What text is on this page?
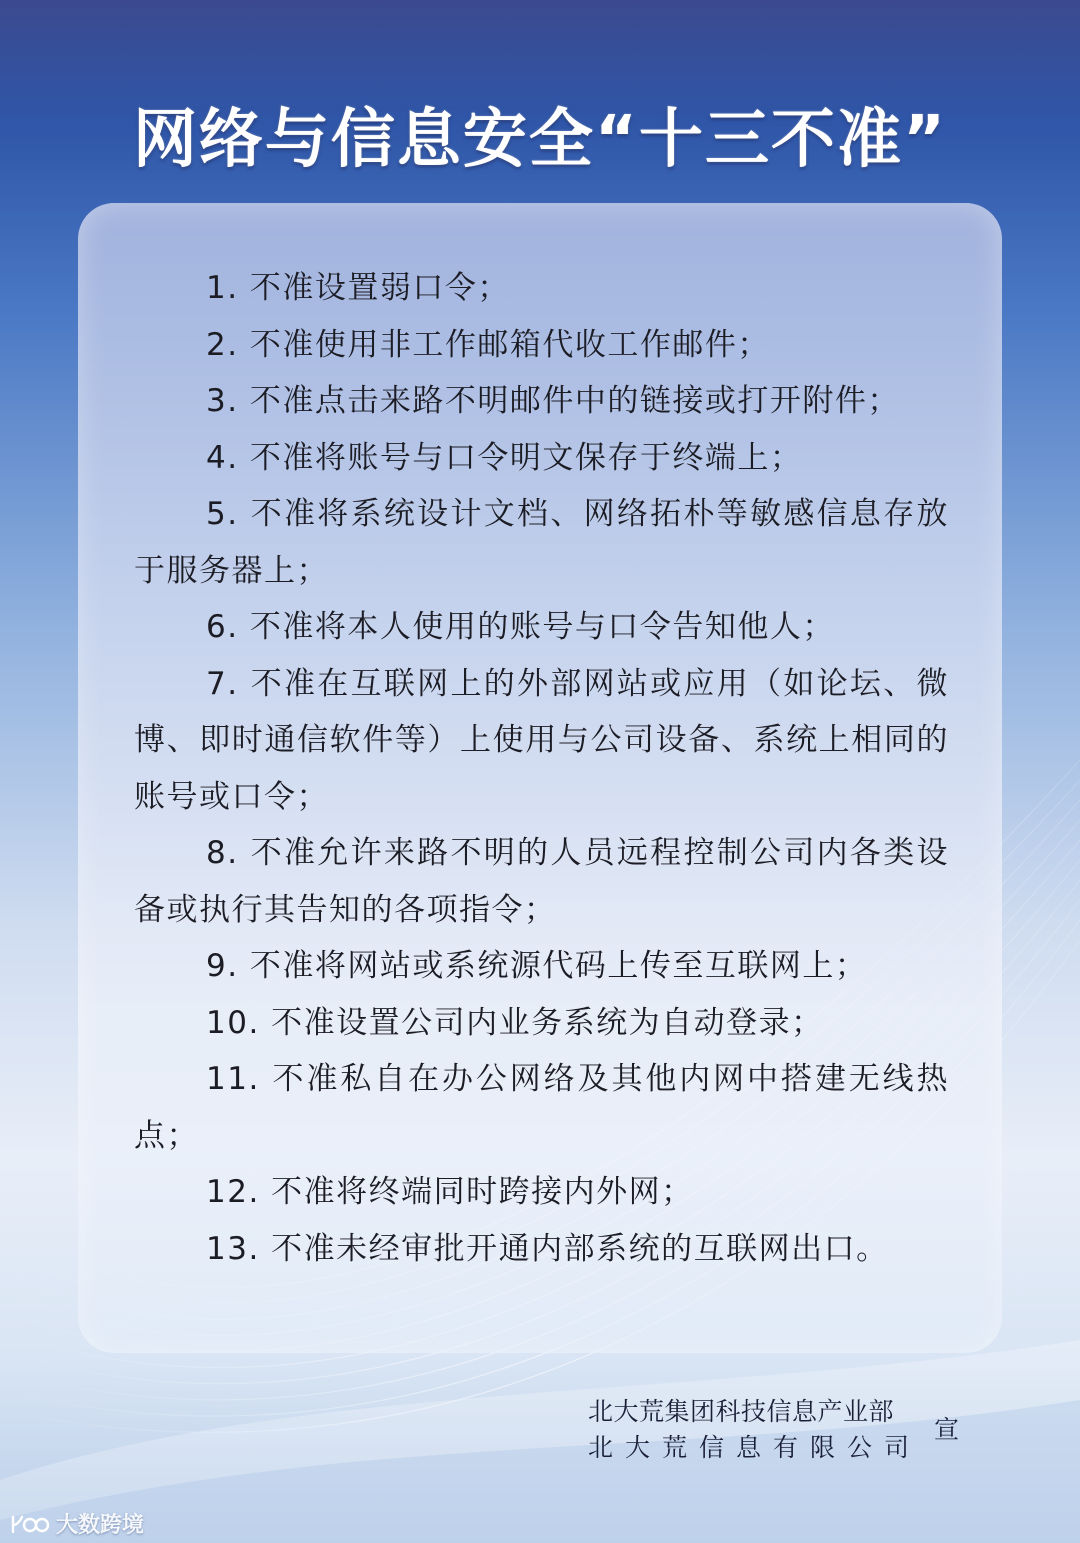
网络与信息安全“十三不准”
1. 不准设置弱口令；
2. 不准使用非工作邮箱代收工作邮件；
3. 不准点击来路不明邮件中的链接或打开附件；
4. 不准将账号与口令明文保存于终端上；
5. 不准将系统设计文档、网络拓朴等敏感信息存放于服务器上；
6. 不准将本人使用的账号与口令告知他人；
7. 不准在互联网上的外部网站或应用（如论坛、微博、即时通信软件等）上使用与公司设备、系统上相同的账号或口令；
8. 不准允许来路不明的人员远程控制公司内各类设备或执行其告知的各项指令；
9. 不准将网站或系统源代码上传至互联网上；
10. 不准设置公司内业务系统为自动登录；
11. 不准私自在办公网络及其他内网中搭建无线热点；
12. 不准将终端同时跨接内外网；
13. 不准未经审批开通内部系统的互联网出口。
北大荒集团科技信息产业部
北大荒信息有限公司
宣
大数跨境
